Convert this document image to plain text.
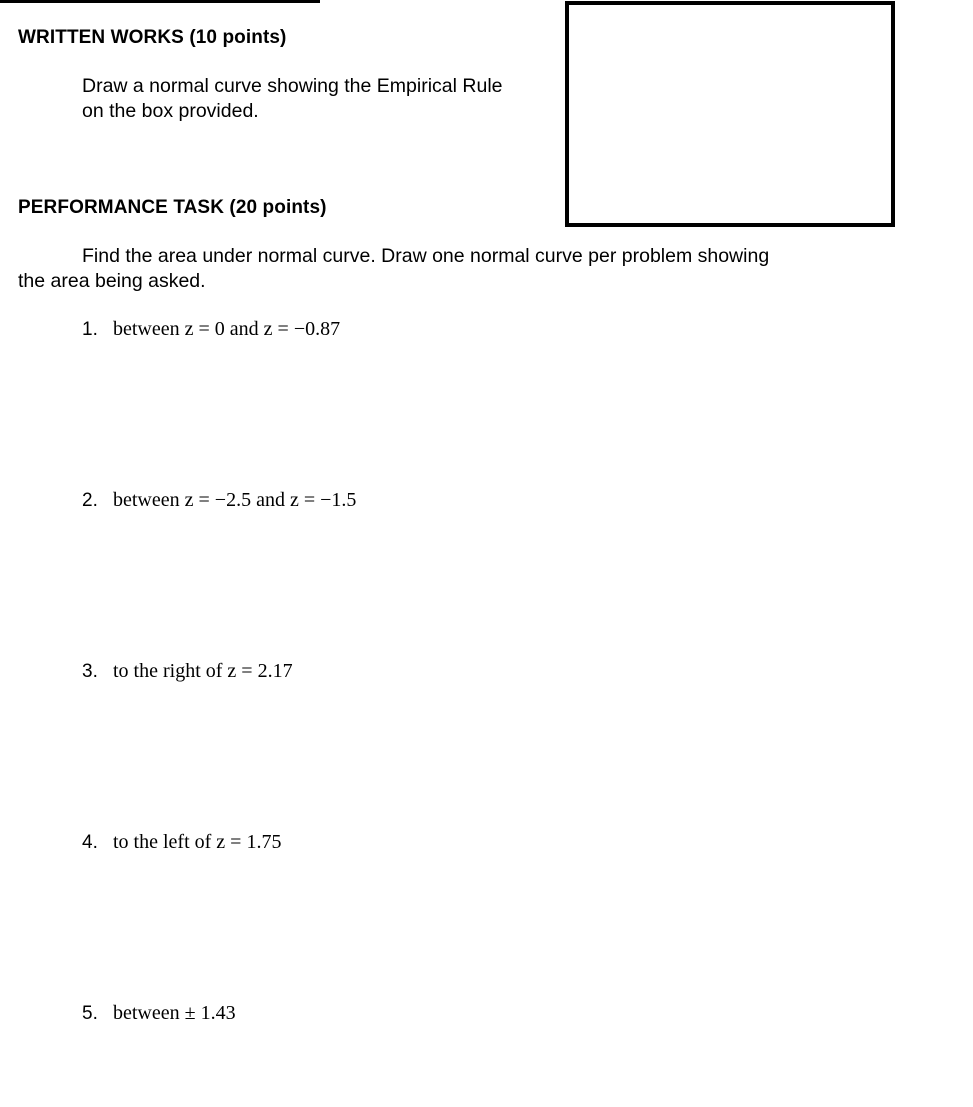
WRITTEN WORKS (10 points)
Draw a normal curve showing the Empirical Rule
on the box provided.
PERFORMANCE TASK (20 points)
Find the area under normal curve. Draw one normal curve per problem showing
the area being asked.
1. between z = 0 and z = −0.87
2. between z = −2.5 and z = −1.5
3. to the right of z = 2.17
4. to the left of z = 1.75
5. between ± 1.43
